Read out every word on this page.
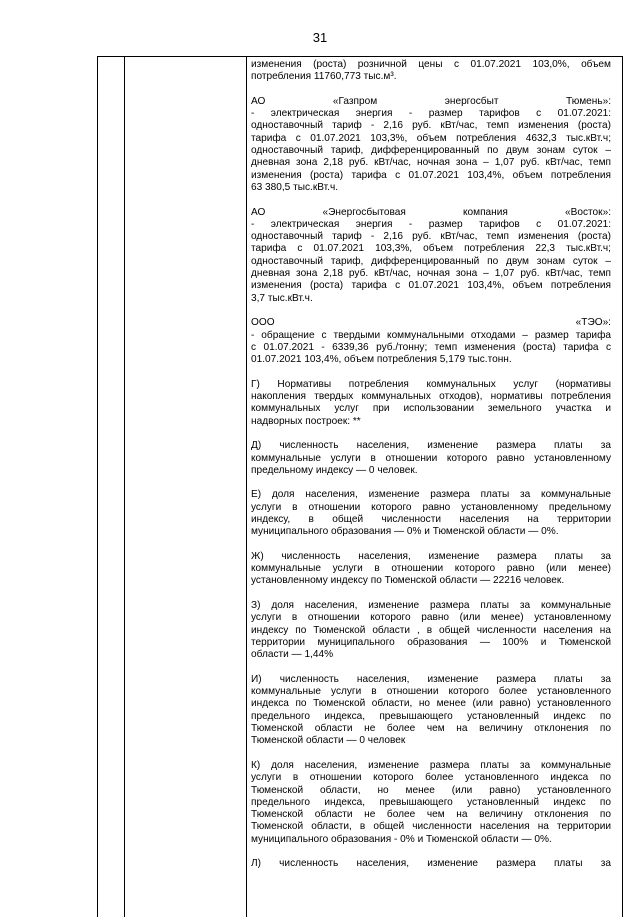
31

изменения (роста) розничной цены с 01.07.2021 103,0%, объем
потребления 11760,773 тыс.м³.

АО «Газпром энергосбыт Тюмень»:
- электрическая энергия - размер тарифов с 01.07.2021:
одноставочный тариф - 2,16 руб. кВт/час, темп изменения (роста)
тарифа с 01.07.2021 103,3%, объем потребления 4632,3 тыс.кВт.ч;
одноставочный тариф, дифференцированный по двум зонам суток –
дневная зона 2,18 руб. кВт/час, ночная зона – 1,07 руб. кВт/час, темп
изменения (роста) тарифа с 01.07.2021 103,4%, объем потребления
63 380,5 тыс.кВт.ч.

АО «Энергосбытовая компания «Восток»:
- электрическая энергия - размер тарифов с 01.07.2021:
одноставочный тариф - 2,16 руб. кВт/час, темп изменения (роста)
тарифа с 01.07.2021 103,3%, объем потребления 22,3 тыс.кВт.ч;
одноставочный тариф, дифференцированный по двум зонам суток –
дневная зона 2,18 руб. кВт/час, ночная зона – 1,07 руб. кВт/час, темп
изменения (роста) тарифа с 01.07.2021 103,4%, объем потребления
3,7 тыс.кВт.ч.

ООО «ТЭО»:
- обращение с твердыми коммунальными отходами – размер тарифа
с 01.07.2021 - 6339,36 руб./тонну; темп изменения (роста) тарифа с
01.07.2021 103,4%, объем потребления 5,179 тыс.тонн.

Г) Нормативы потребления коммунальных услуг (нормативы
накопления твердых коммунальных отходов), нормативы потребления
коммунальных услуг при использовании земельного участка и
надворных построек: **

Д) численность населения, изменение размера платы за
коммунальные услуги в отношении которого равно установленному
предельному индексу — 0 человек.

Е) доля населения, изменение размера платы за коммунальные
услуги в отношении которого равно установленному предельному
индексу, в общей численности населения на территории
муниципального образования — 0% и Тюменской области — 0%.

Ж) численность населения, изменение размера платы за
коммунальные услуги в отношении которого равно (или менее)
установленному индексу по Тюменской области — 22216 человек.

З) доля населения, изменение размера платы за коммунальные
услуги в отношении которого равно (или менее) установленному
индексу по Тюменской области , в общей численности населения на
территории муниципального образования — 100% и Тюменской
области — 1,44%

И) численность населения, изменение размера платы за
коммунальные услуги в отношении которого более установленного
индекса по Тюменской области, но менее (или равно) установленного
предельного индекса, превышающего установленный индекс по
Тюменской области не более чем на величину отклонения по
Тюменской области — 0 человек

К) доля населения, изменение размера платы за коммунальные
услуги в отношении которого более установленного индекса по
Тюменской области, но менее (или равно) установленного
предельного индекса, превышающего установленный индекс по
Тюменской области не более чем на величину отклонения по
Тюменской области, в общей численности населения на территории
муниципального образования - 0% и Тюменской области — 0%.

Л) численность населения, изменение размера платы за
